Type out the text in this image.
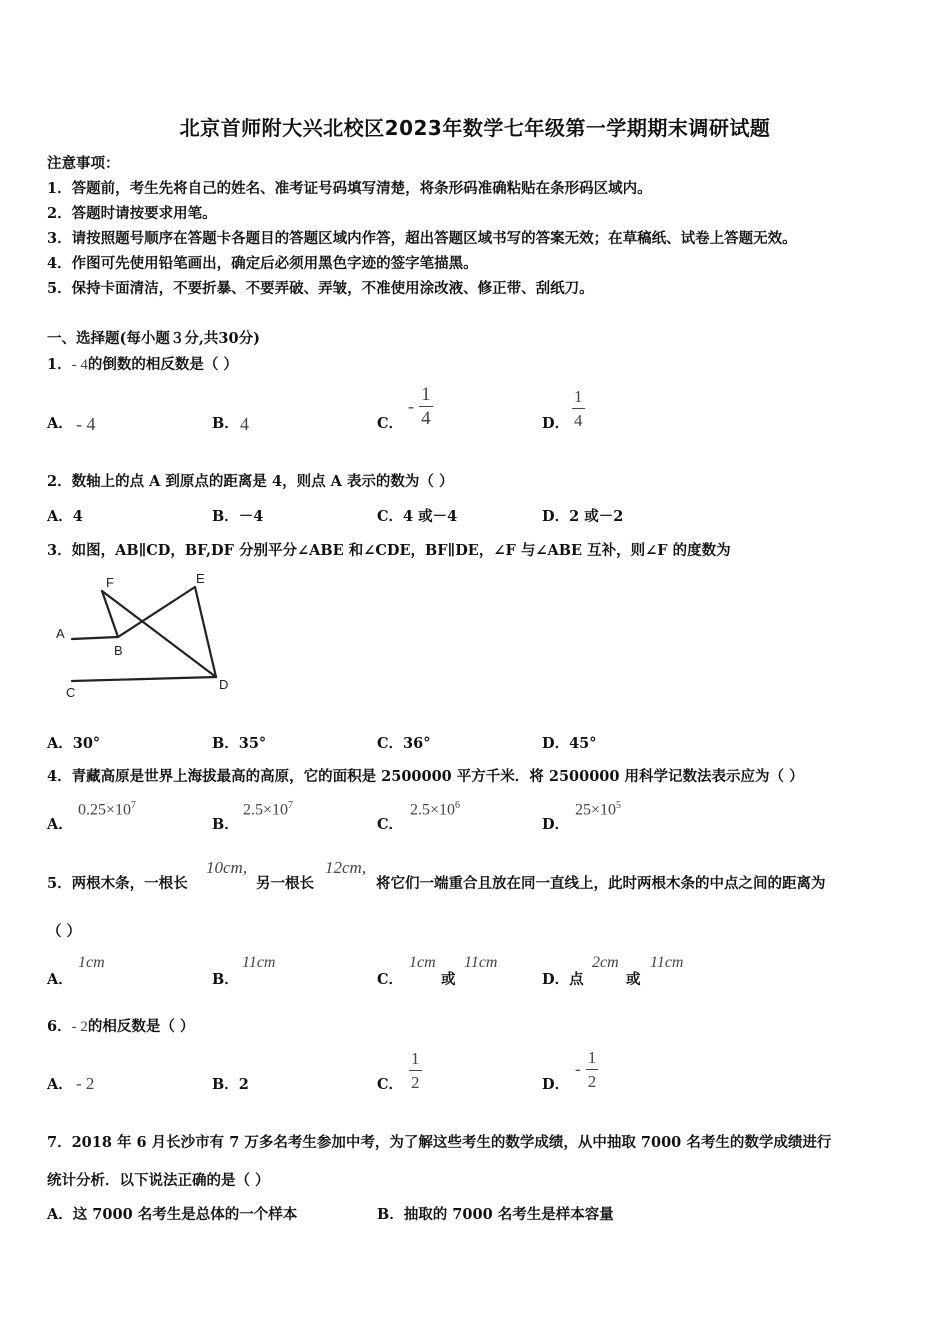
北京首师附大兴北校区2023年数学七年级第一学期期末调研试题
注意事项：
1．答题前，考生先将自己的姓名、准考证号码填写清楚，将条形码准确粘贴在条形码区域内。
2．答题时请按要求用笔。
3．请按照题号顺序在答题卡各题目的答题区域内作答，超出答题区域书写的答案无效；在草稿纸、试卷上答题无效。
4．作图可先使用铅笔画出，确定后必须用黑色字迹的签字笔描黑。
5．保持卡面清洁，不要折暴、不要弄破、弄皱，不准使用涂改液、修正带、刮纸刀。
一、选择题(每小题３分,共30分)
1．- 4的倒数的相反数是（ ）
A． - 4	B． 4	C．
- $\frac{1}{4}$	D． $\frac{1}{4}$
2．数轴上的点 A 到原点的距离是 4，则点 A 表示的数为（ ）
A．4	B．－4	C．4 或－4	D．2 或－2
3．如图，AB∥CD，BF,DF 分别平分∠ABE 和∠CDE，BF∥DE，∠F 与∠ABE 互补，则∠F 的度数为
F	E
A
B
C
D
A．30°	B．35°	C．36°	D．45°
4．青藏高原是世界上海拔最高的高原，它的面积是 2500000 平方千米．将 2500000 用科学记数法表示应为（ ）
A．
$0.25\times 10^7$
B．
$2.5\times 10^7$
C．
$2.5\times 10^6$
D．
$25\times 10^5$
5．两根木条，一根长
10cm,
另一根长
12cm,
将它们一端重合且放在同一直线上，此时两根木条的中点之间的距离为
（ ）
A．
1cm
B．
11cm
C．
1cm
或
11cm
D．点
2cm
或
11cm
6．- 2的相反数是（ ）
A． - 2	B．2	C． $\frac{1}{2}$	D．
- $\frac{1}{2}$
7．2018 年 6 月长沙市有 7 万多名考生参加中考，为了解这些考生的数学成绩，从中抽取 7000 名考生的数学成绩进行
统计分析．以下说法正确的是（ ）
A．这 7000 名考生是总体的一个样本	B．抽取的 7000 名考生是样本容量
